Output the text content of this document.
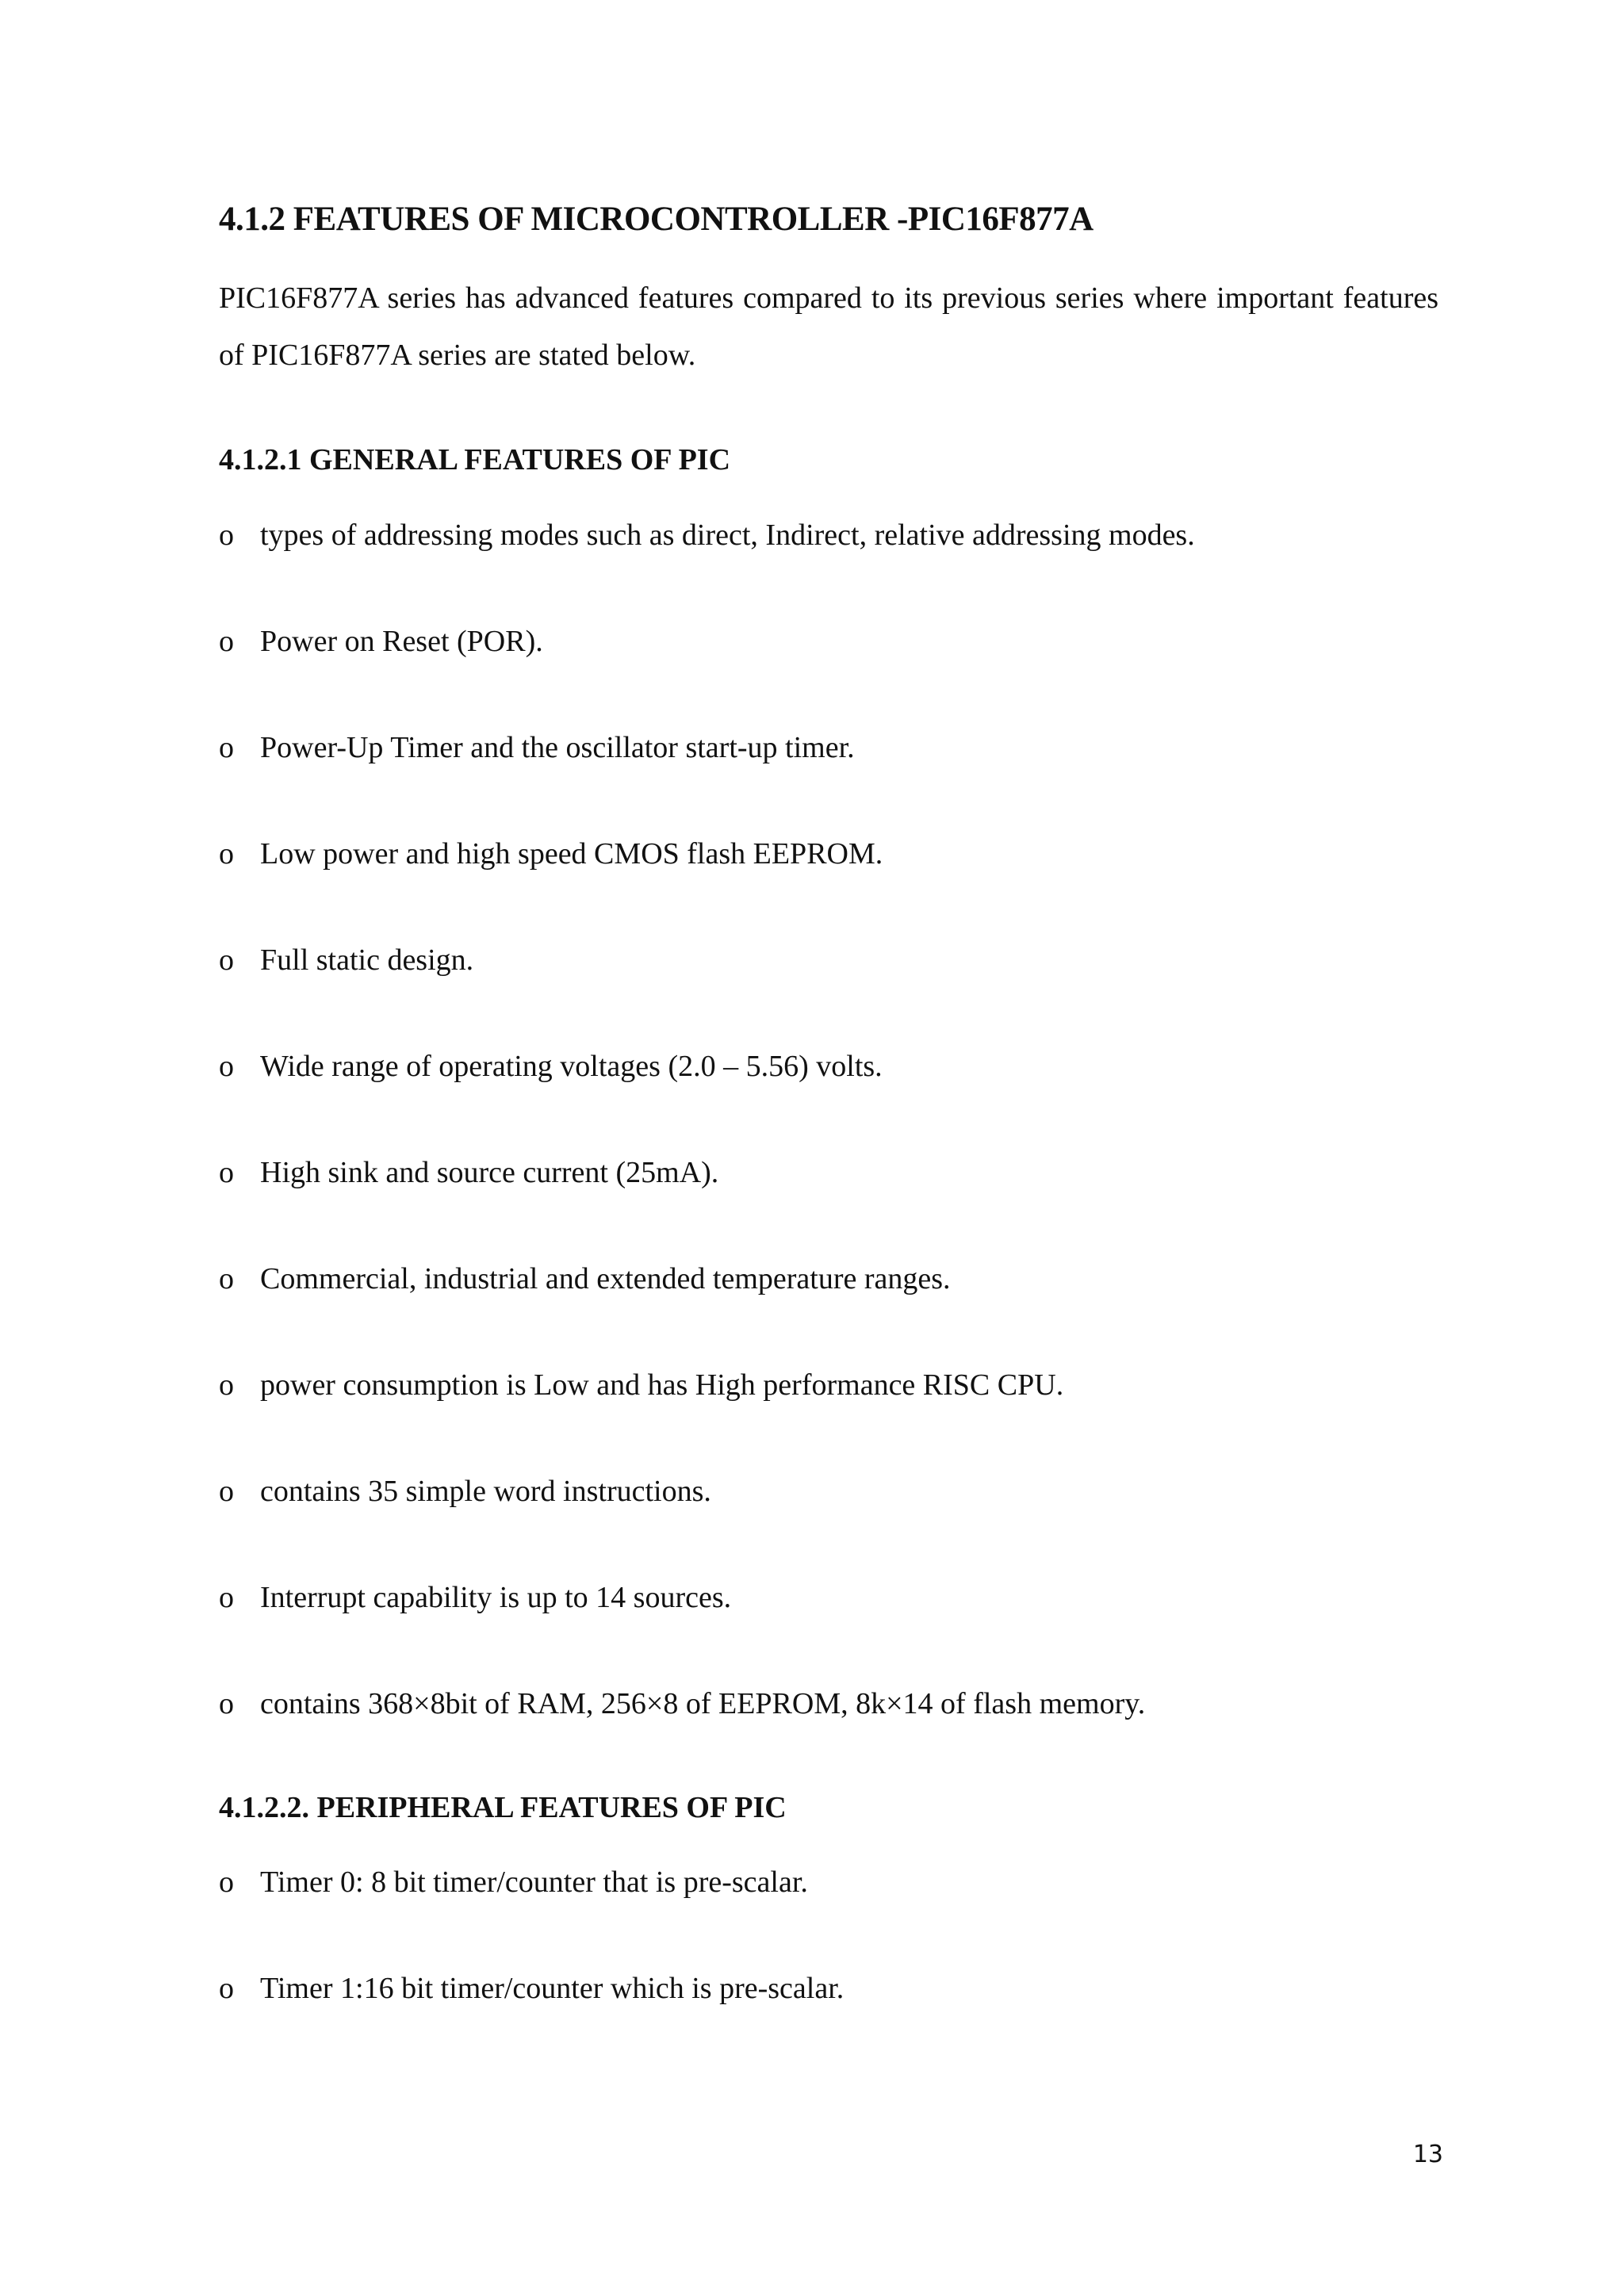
4.1.2 FEATURES OF MICROCONTROLLER -PIC16F877A

PIC16F877A series has advanced features compared to its previous series where important features of PIC16F877A series are stated below.

4.1.2.1 GENERAL FEATURES OF PIC
o types of addressing modes such as direct, Indirect, relative addressing modes.
o Power on Reset (POR).
o Power-Up Timer and the oscillator start-up timer.
o Low power and high speed CMOS flash EEPROM.
o Full static design.
o Wide range of operating voltages (2.0 – 5.56) volts.
o High sink and source current (25mA).
o Commercial, industrial and extended temperature ranges.
o power consumption is Low and has High performance RISC CPU.
o contains 35 simple word instructions.
o Interrupt capability is up to 14 sources.
o contains 368×8bit of RAM, 256×8 of EEPROM, 8k×14 of flash memory.
4.1.2.2. PERIPHERAL FEATURES OF PIC
o Timer 0: 8 bit timer/counter that is pre-scalar.
o Timer 1:16 bit timer/counter which is pre-scalar.
13
